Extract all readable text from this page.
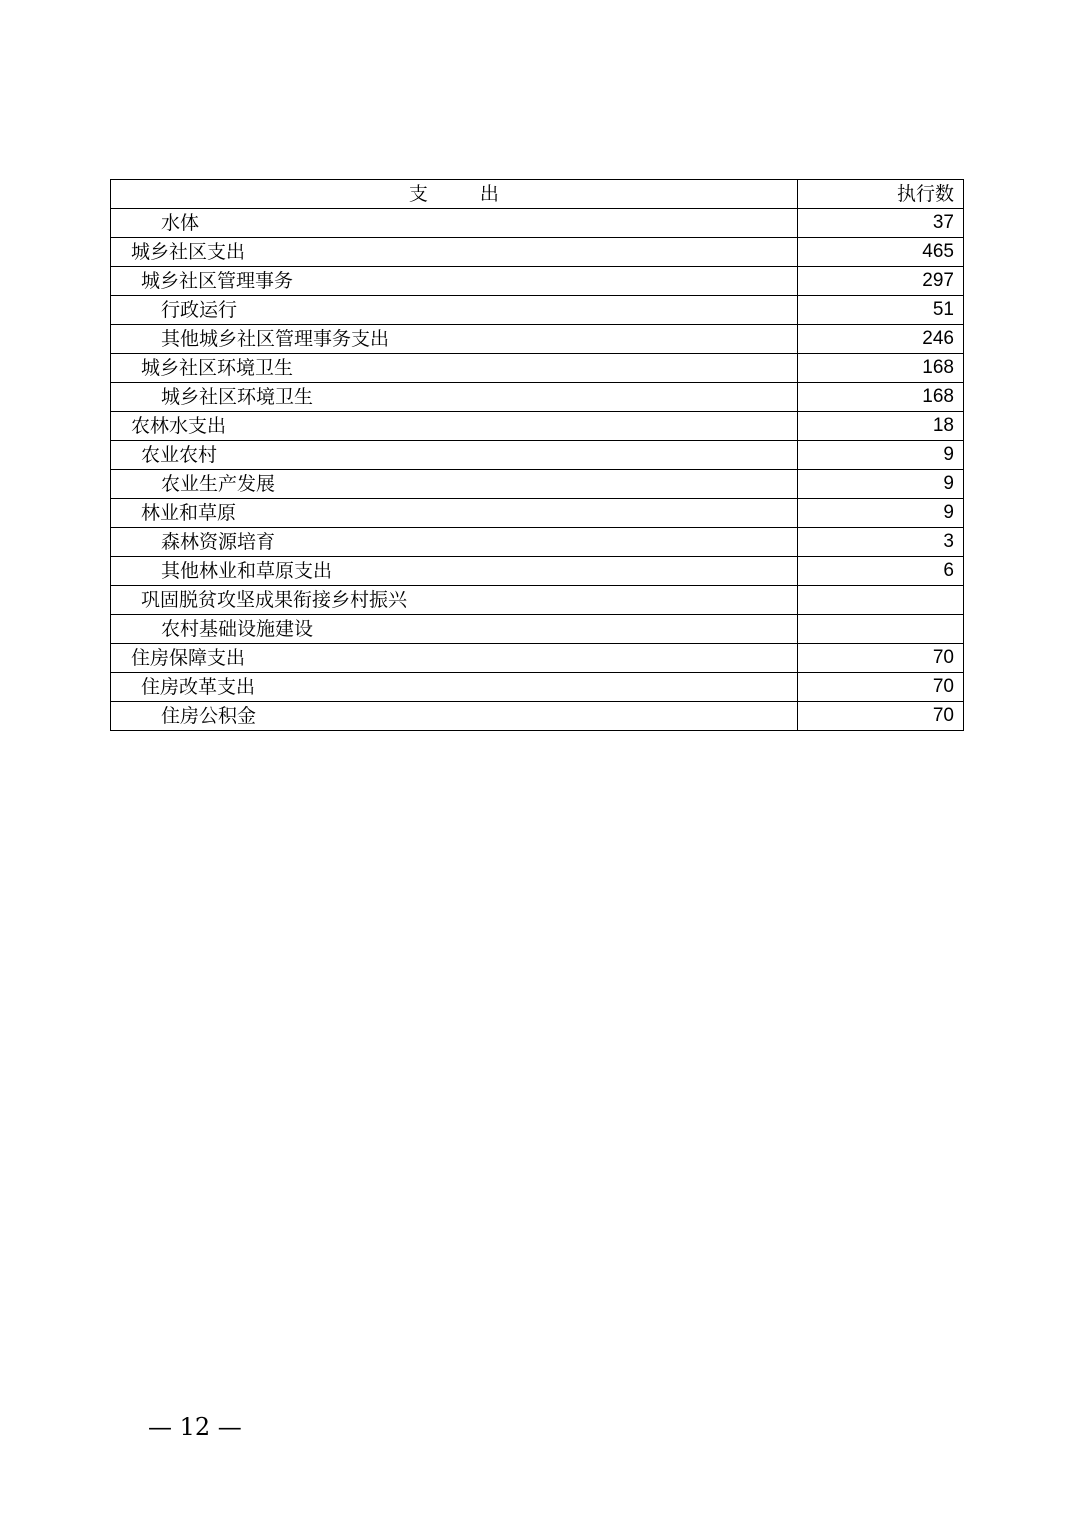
支 出	执行数
水体	37
城乡社区支出	465
城乡社区管理事务	297
行政运行	51
其他城乡社区管理事务支出	246
城乡社区环境卫生	168
城乡社区环境卫生	168
农林水支出	18
农业农村	9
农业生产发展	9
林业和草原	9
森林资源培育	3
其他林业和草原支出	6
巩固脱贫攻坚成果衔接乡村振兴	
农村基础设施建设	
住房保障支出	70
住房改革支出	70
住房公积金	70
— 12 —
